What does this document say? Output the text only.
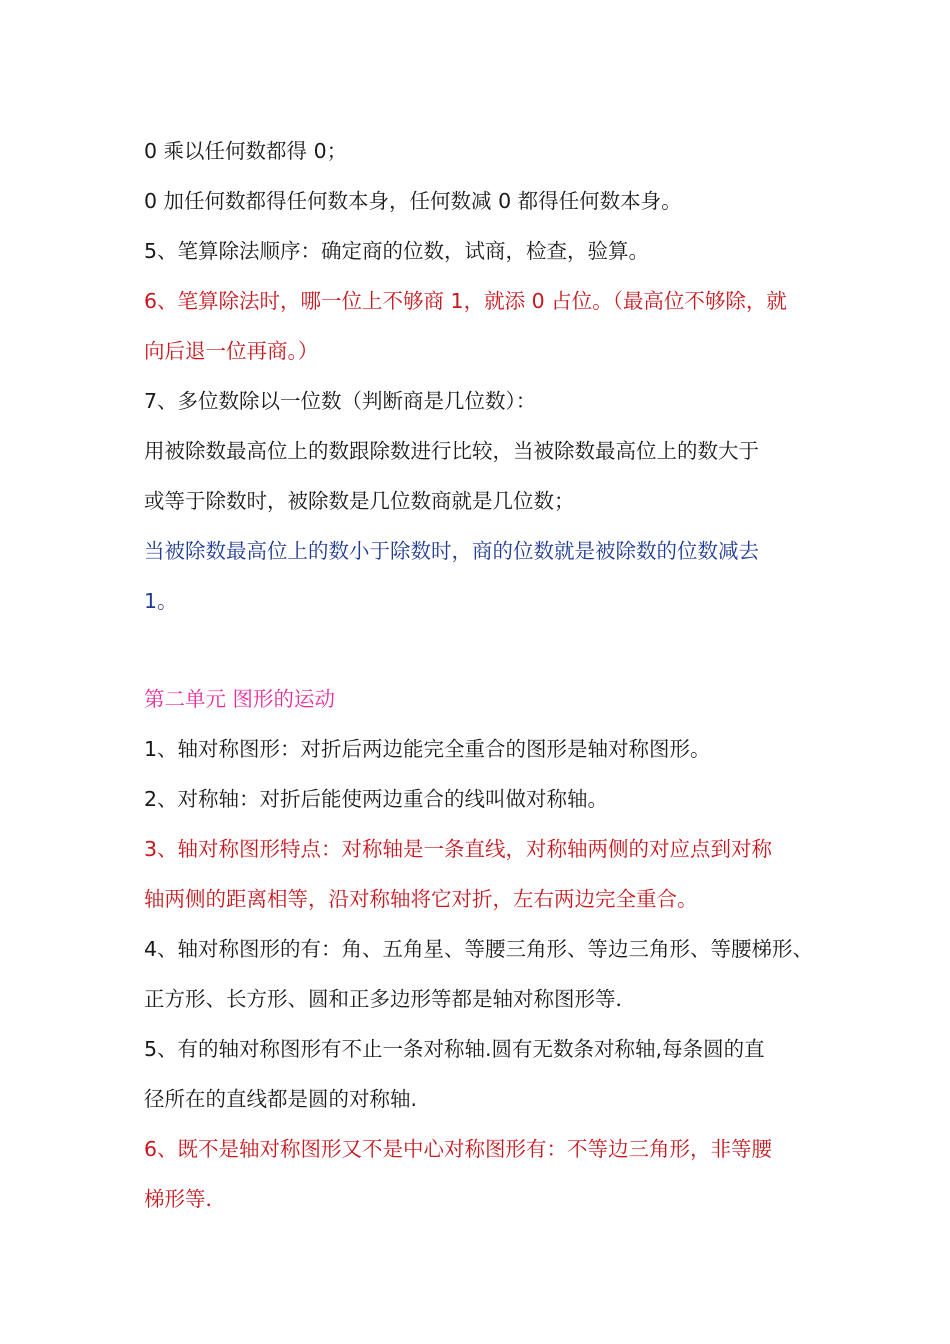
0 乘以任何数都得 0；
0 加任何数都得任何数本身，任何数减 0 都得任何数本身。
5、笔算除法顺序：确定商的位数，试商，检查，验算。
6、笔算除法时，哪一位上不够商 1，就添 0 占位。（最高位不够除，就
向后退一位再商。）
7、多位数除以一位数（判断商是几位数）：
用被除数最高位上的数跟除数进行比较，当被除数最高位上的数大于
或等于除数时，被除数是几位数商就是几位数；
当被除数最高位上的数小于除数时，商的位数就是被除数的位数减去
1。
第二单元 图形的运动
1、轴对称图形：对折后两边能完全重合的图形是轴对称图形。
2、对称轴：对折后能使两边重合的线叫做对称轴。
3、轴对称图形特点：对称轴是一条直线，对称轴两侧的对应点到对称
轴两侧的距离相等，沿对称轴将它对折，左右两边完全重合。
4、轴对称图形的有：角、五角星、等腰三角形、等边三角形、等腰梯形、
正方形、长方形、圆和正多边形等都是轴对称图形等．
5、有的轴对称图形有不止一条对称轴.圆有无数条对称轴,每条圆的直
径所在的直线都是圆的对称轴.
6、既不是轴对称图形又不是中心对称图形有：不等边三角形，非等腰
梯形等．
